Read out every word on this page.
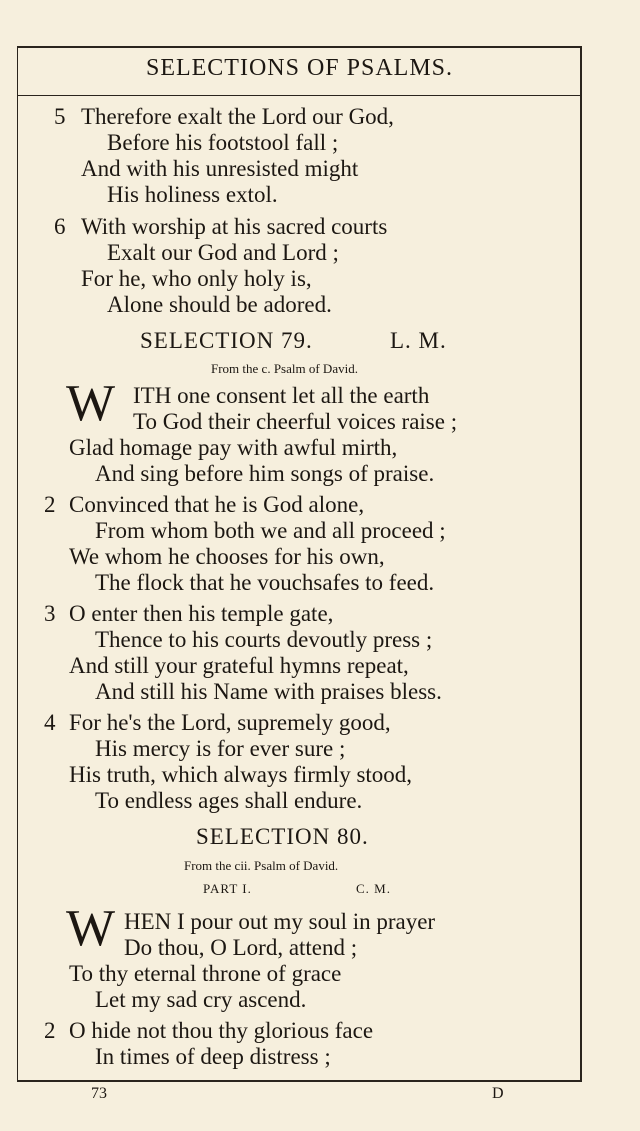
SELECTIONS OF PSALMS.
5 Therefore exalt the Lord our God,
Before his footstool fall ;
And with his unresisted might
His holiness extol.
6 With worship at his sacred courts
Exalt our God and Lord ;
For he, who only holy is,
Alone should be adored.
SELECTION 79.	L. M.
From the c. Psalm of David.
W ITH one consent let all the earth
To God their cheerful voices raise ;
Glad homage pay with awful mirth,
And sing before him songs of praise.
2 Convinced that he is God alone,
From whom both we and all proceed ;
We whom he chooses for his own,
The flock that he vouchsafes to feed.
3 O enter then his temple gate,
Thence to his courts devoutly press ;
And still your grateful hymns repeat,
And still his Name with praises bless.
4 For he's the Lord, supremely good,
His mercy is for ever sure ;
His truth, which always firmly stood,
To endless ages shall endure.
SELECTION 80.
From the cii. Psalm of David.
PART I.	C. M.
W HEN I pour out my soul in prayer
Do thou, O Lord, attend ;
To thy eternal throne of grace
Let my sad cry ascend.
2 O hide not thou thy glorious face
In times of deep distress ;
73	D
